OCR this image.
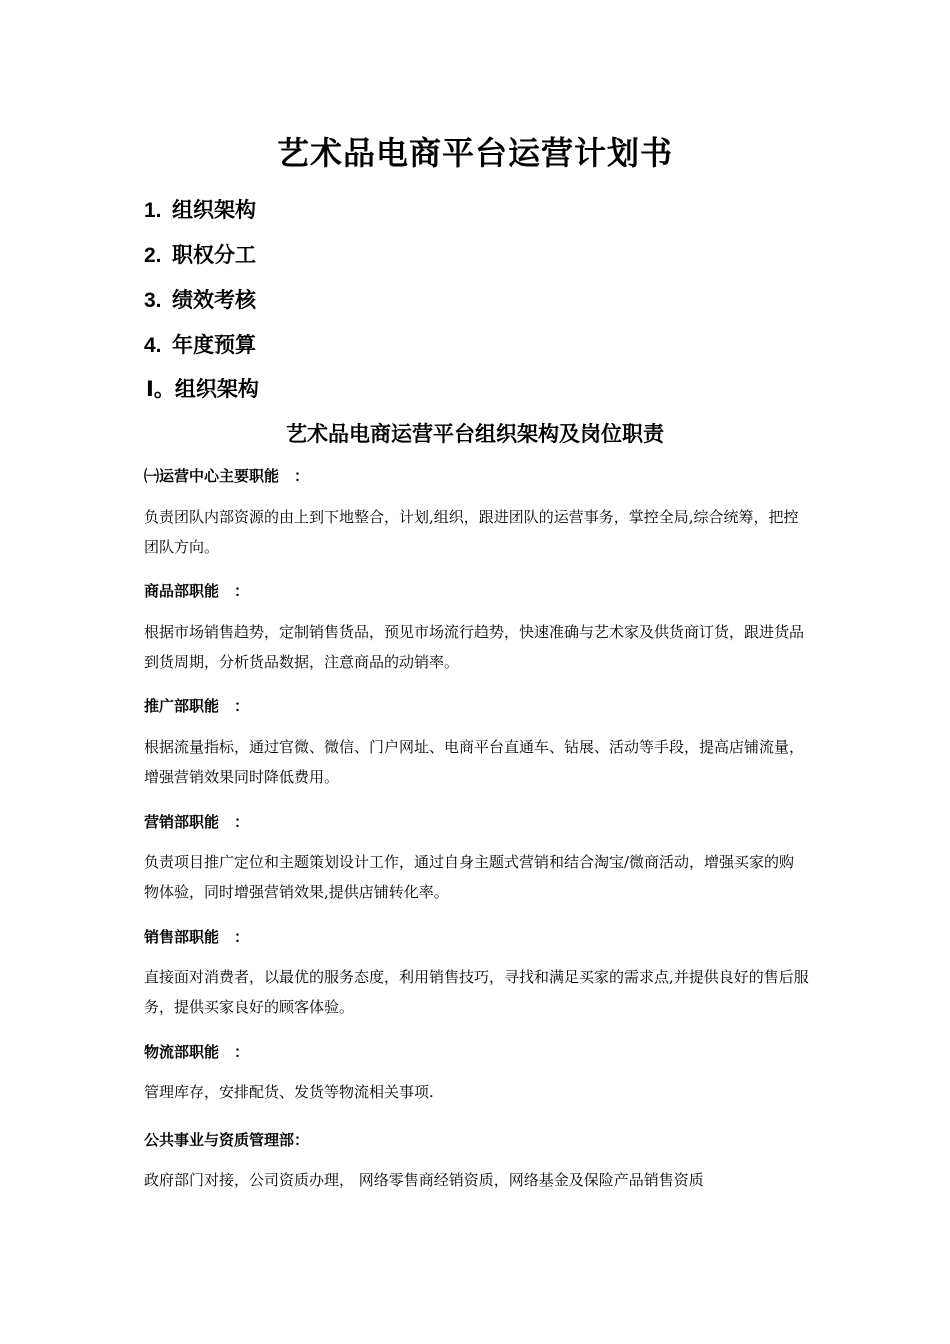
艺术品电商平台运营计划书
1. 组织架构
2. 职权分工
3. 绩效考核
4. 年度预算
Ⅰ。组织架构
艺术品电商运营平台组织架构及岗位职责
㈠运营中心主要职能　：
负责团队内部资源的由上到下地整合，计划,组织，跟进团队的运营事务，掌控全局,综合统筹，把控团队方向。
商品部职能　：
根据市场销售趋势，定制销售货品，预见市场流行趋势，快速准确与艺术家及供货商订货，跟进货品到货周期，分析货品数据，注意商品的动销率。
推广部职能　：
根据流量指标，通过官微、微信、门户网址、电商平台直通车、钻展、活动等手段，提高店铺流量，增强营销效果同时降低费用。
营销部职能　：
负责项目推广定位和主题策划设计工作，通过自身主题式营销和结合淘宝/微商活动，增强买家的购物体验，同时增强营销效果,提供店铺转化率。
销售部职能　：
直接面对消费者，以最优的服务态度，利用销售技巧，寻找和满足买家的需求点,并提供良好的售后服务，提供买家良好的顾客体验。
物流部职能　：
管理库存，安排配货、发货等物流相关事项.
公共事业与资质管理部：
政府部门对接，公司资质办理， 网络零售商经销资质，网络基金及保险产品销售资质
